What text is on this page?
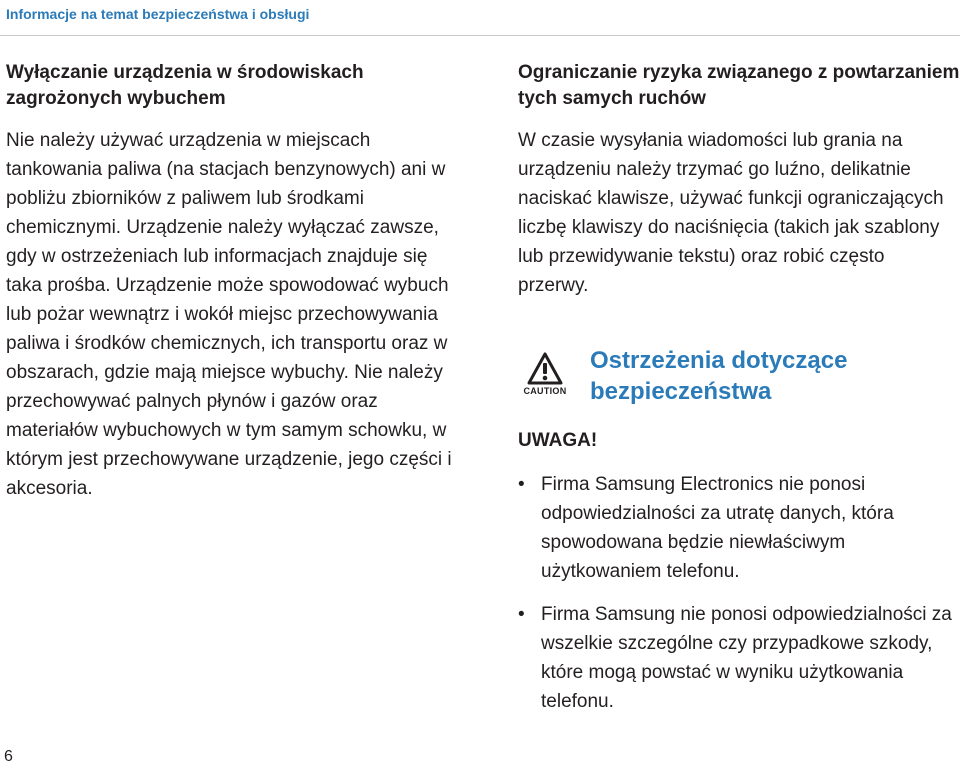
Informacje na temat bezpieczeństwa i obsługi
Wyłączanie urządzenia w środowiskach zagrożonych wybuchem

Nie należy używać urządzenia w miejscach tankowania paliwa (na stacjach benzynowych) ani w pobliżu zbiorników z paliwem lub środkami chemicznymi. Urządzenie należy wyłączać zawsze, gdy w ostrzeżeniach lub informacjach znajduje się taka prośba. Urządzenie może spowodować wybuch lub pożar wewnątrz i wokół miejsc przechowywania paliwa i środków chemicznych, ich transportu oraz w obszarach, gdzie mają miejsce wybuchy. Nie należy przechowywać palnych płynów i gazów oraz materiałów wybuchowych w tym samym schowku, w którym jest przechowywane urządzenie, jego części i akcesoria.

Ograniczanie ryzyka związanego z powtarzaniem tych samych ruchów

W czasie wysyłania wiadomości lub grania na urządzeniu należy trzymać go luźno, delikatnie naciskać klawisze, używać funkcji ograniczających liczbę klawiszy do naciśnięcia (takich jak szablony lub przewidywanie tekstu) oraz robić często przerwy.

CAUTION
Ostrzeżenia dotyczące bezpieczeństwa

UWAGA!

• Firma Samsung Electronics nie ponosi odpowiedzialności za utratę danych, która spowodowana będzie niewłaściwym użytkowaniem telefonu.
• Firma Samsung nie ponosi odpowiedzialności za wszelkie szczególne czy przypadkowe szkody, które mogą powstać w wyniku użytkowania telefonu.
6
